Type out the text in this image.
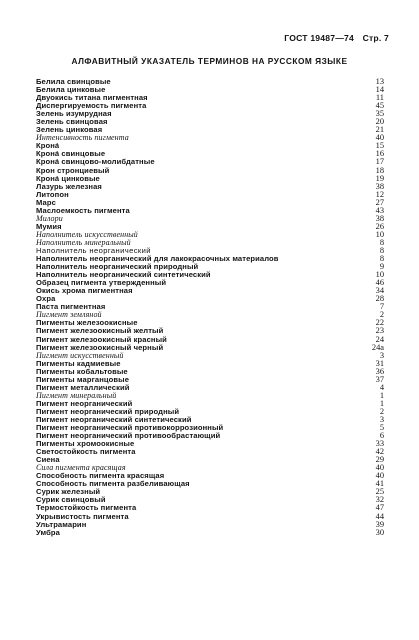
ГОСТ 19487—74 Стр. 7
АЛФАВИТНЫЙ УКАЗАТЕЛЬ ТЕРМИНОВ НА РУССКОМ ЯЗЫКЕ
Белила свинцовые	13
Белила цинковые	14
Двуокись титана пигментная	11
Диспергируемость пигмента	45
Зелень изумрудная	35
Зелень свинцовая	20
Зелень цинковая	21
Интенсивность пигмента	40
Крона́	15
Крона́ свинцовые	16
Крона́ свинцово-молибдатные	17
Крон стронциевый	18
Крона́ цинковые	19
Лазурь железная	38
Литопон	12
Марс	27
Маслоемкость пигмента	43
Милори	38
Мумия	26
Наполнитель искусственный	10
Наполнитель минеральный	8
Наполнитель неорганический	8
Наполнитель неорганический для лакокрасочных материалов	8
Наполнитель неорганический природный	9
Наполнитель неорганический синтетический	10
Образец пигмента утвержденный	46
Окись хрома пигментная	34
Охра	28
Паста пигментная	7
Пигмент земляной	2
Пигменты железоокисные	22
Пигмент железоокисный желтый	23
Пигмент железоокисный красный	24
Пигмент железоокисный черный	24а
Пигмент искусственный	3
Пигменты кадмиевые	31
Пигменты кобальтовые	36
Пигменты марганцовые	37
Пигмент металлический	4
Пигмент минеральный	1
Пигмент неорганический	1
Пигмент неорганический природный	2
Пигмент неорганический синтетический	3
Пигмент неорганический противокоррозионный	5
Пигмент неорганический противообрастающий	6
Пигменты хромоокисные	33
Светостойкость пигмента	42
Сиена	29
Сила пигмента красящая	40
Способность пигмента красящая	40
Способность пигмента разбеливающая	41
Сурик железный	25
Сурик свинцовый	32
Термостойкость пигмента	47
Укрывистость пигмента	44
Ультрамарин	39
Умбра	30
